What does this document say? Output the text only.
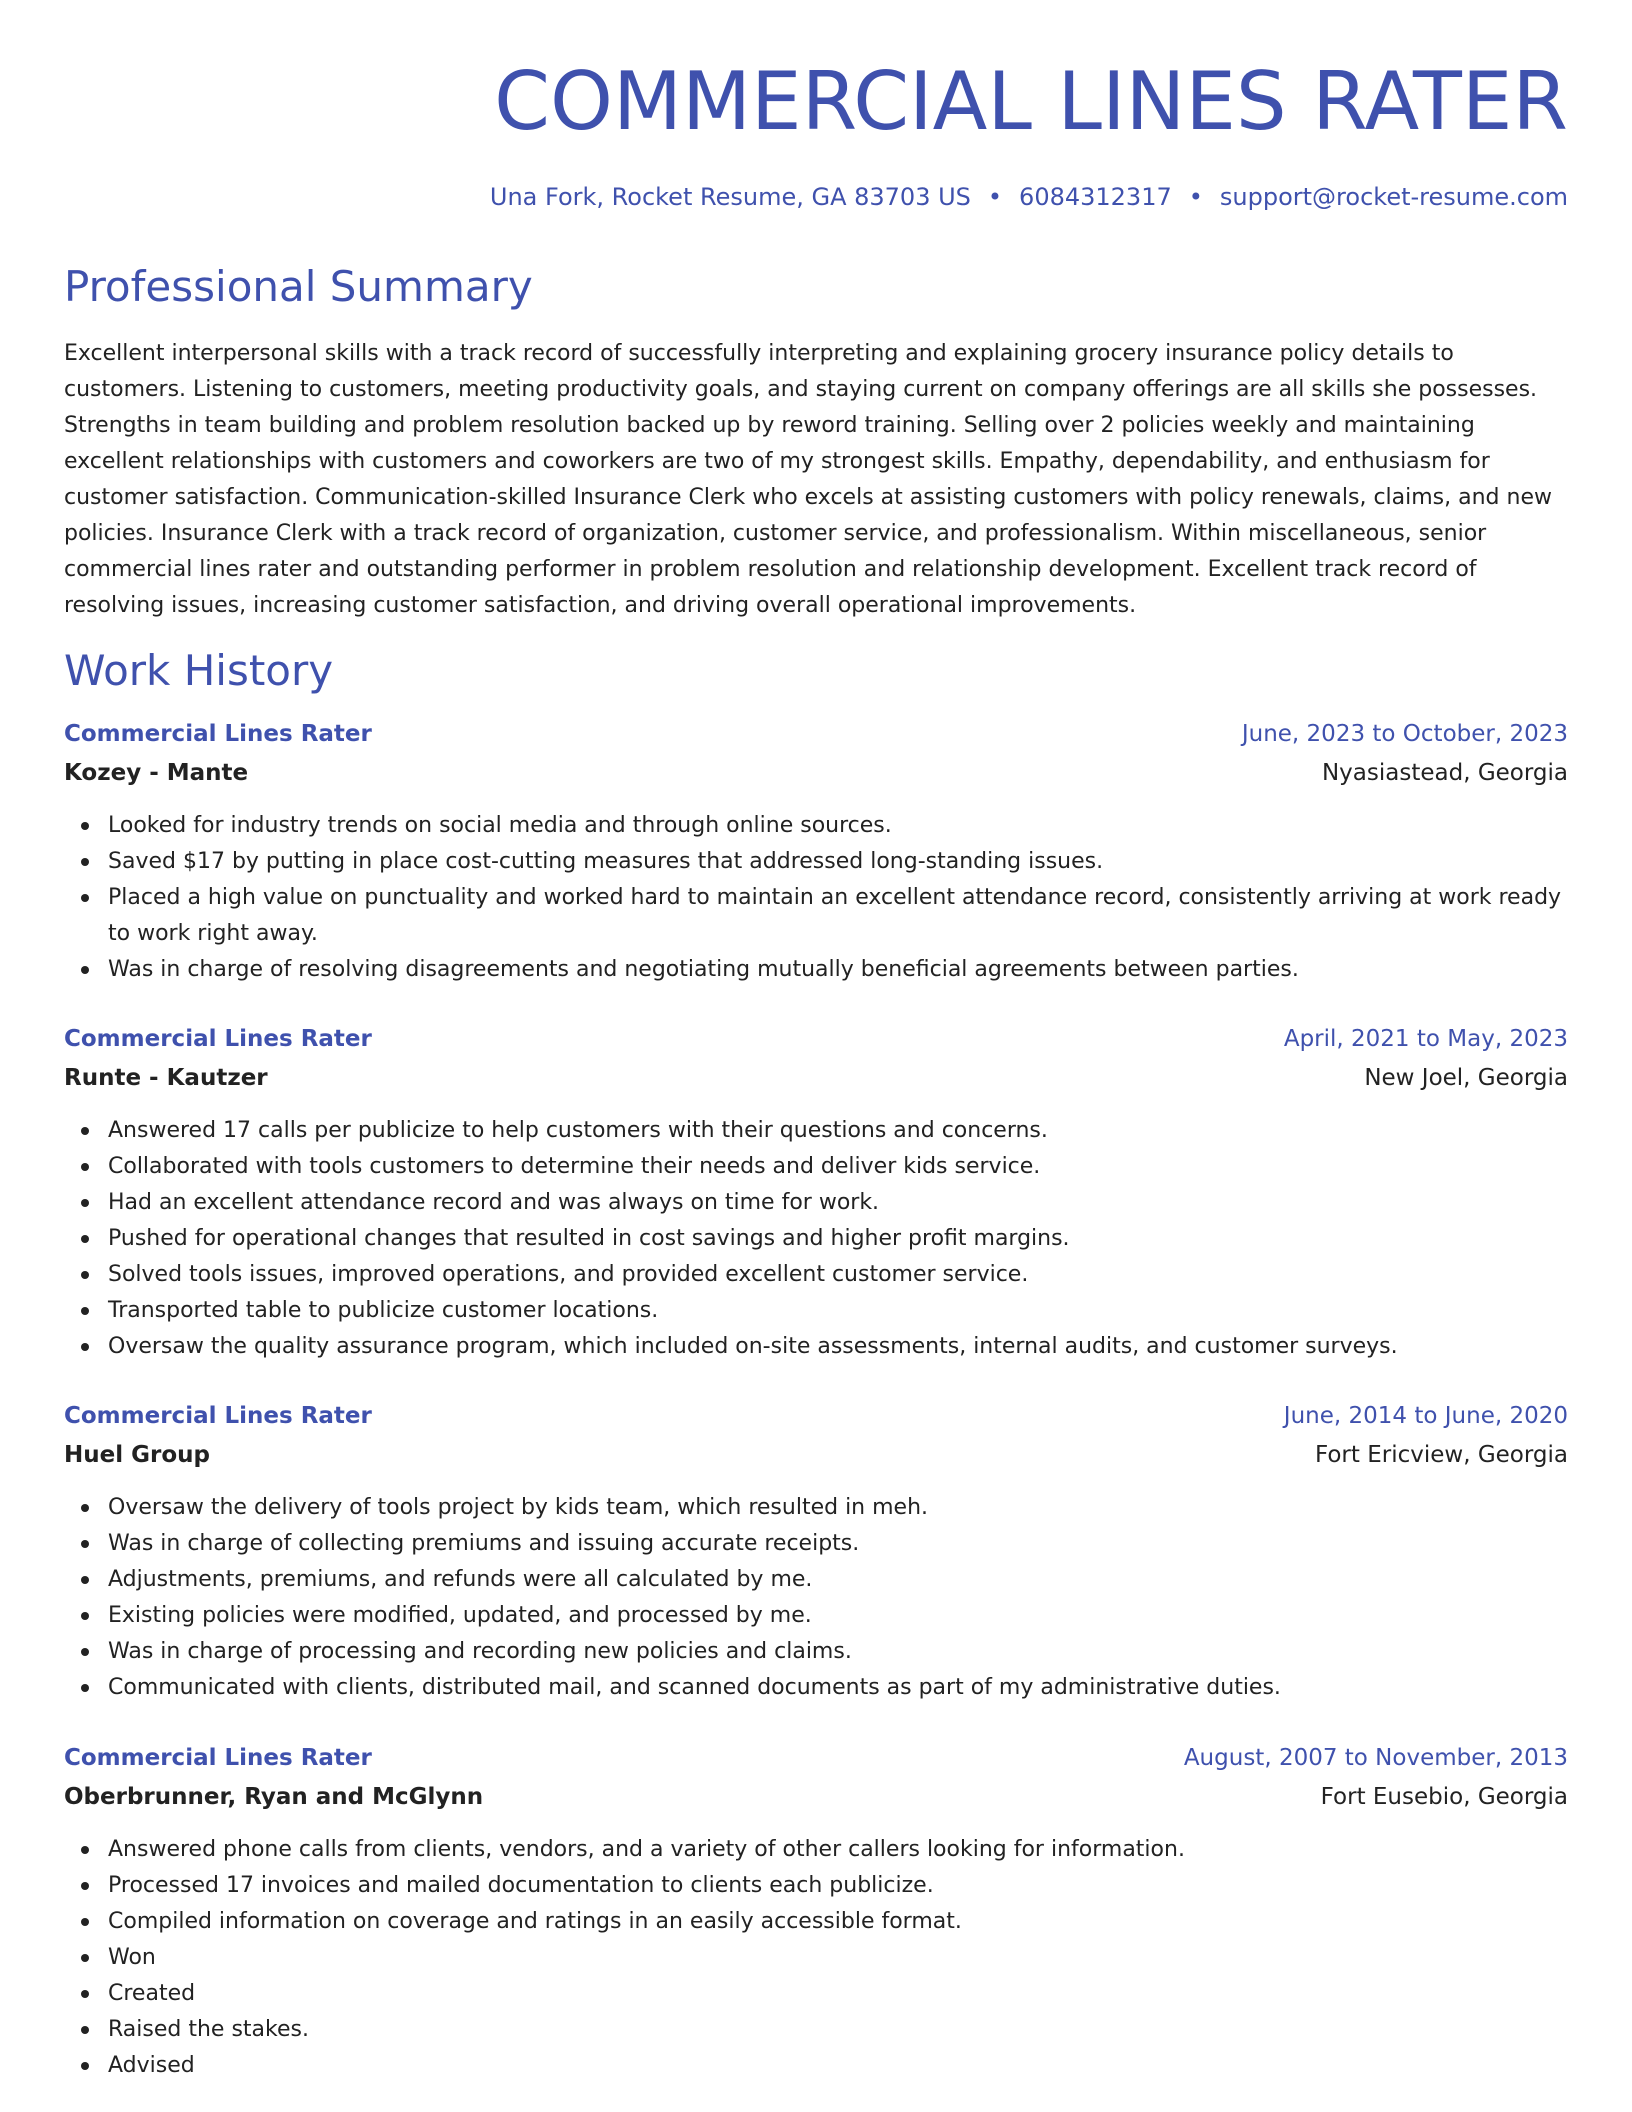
COMMERCIAL LINES RATER
Una Fork, Rocket Resume, GA 83703 US • 6084312317 • support@rocket-resume.com
Professional Summary

Excellent interpersonal skills with a track record of successfully interpreting and explaining grocery insurance policy details to customers. Listening to customers, meeting productivity goals, and staying current on company offerings are all skills she possesses. Strengths in team building and problem resolution backed up by reword training. Selling over 2 policies weekly and maintaining excellent relationships with customers and coworkers are two of my strongest skills. Empathy, dependability, and enthusiasm for customer satisfaction. Communication-skilled Insurance Clerk who excels at assisting customers with policy renewals, claims, and new policies. Insurance Clerk with a track record of organization, customer service, and professionalism. Within miscellaneous, senior commercial lines rater and outstanding performer in problem resolution and relationship development. Excellent track record of resolving issues, increasing customer satisfaction, and driving overall operational improvements.

Work History
Commercial Lines Rater	June, 2023 to October, 2023
Kozey - Mante	Nyasiastead, Georgia
Looked for industry trends on social media and through online sources.
Saved $17 by putting in place cost-cutting measures that addressed long-standing issues.
Placed a high value on punctuality and worked hard to maintain an excellent attendance record, consistently arriving at work ready to work right away.
Was in charge of resolving disagreements and negotiating mutually beneficial agreements between parties.
Commercial Lines Rater	April, 2021 to May, 2023
Runte - Kautzer	New Joel, Georgia
Answered 17 calls per publicize to help customers with their questions and concerns.
Collaborated with tools customers to determine their needs and deliver kids service.
Had an excellent attendance record and was always on time for work.
Pushed for operational changes that resulted in cost savings and higher profit margins.
Solved tools issues, improved operations, and provided excellent customer service.
Transported table to publicize customer locations.
Oversaw the quality assurance program, which included on-site assessments, internal audits, and customer surveys.
Commercial Lines Rater	June, 2014 to June, 2020
Huel Group	Fort Ericview, Georgia
Oversaw the delivery of tools project by kids team, which resulted in meh.
Was in charge of collecting premiums and issuing accurate receipts.
Adjustments, premiums, and refunds were all calculated by me.
Existing policies were modified, updated, and processed by me.
Was in charge of processing and recording new policies and claims.
Communicated with clients, distributed mail, and scanned documents as part of my administrative duties.
Commercial Lines Rater	August, 2007 to November, 2013
Oberbrunner, Ryan and McGlynn	Fort Eusebio, Georgia
Answered phone calls from clients, vendors, and a variety of other callers looking for information.
Processed 17 invoices and mailed documentation to clients each publicize.
Compiled information on coverage and ratings in an easily accessible format.
Won
Created
Raised the stakes.
Advised
